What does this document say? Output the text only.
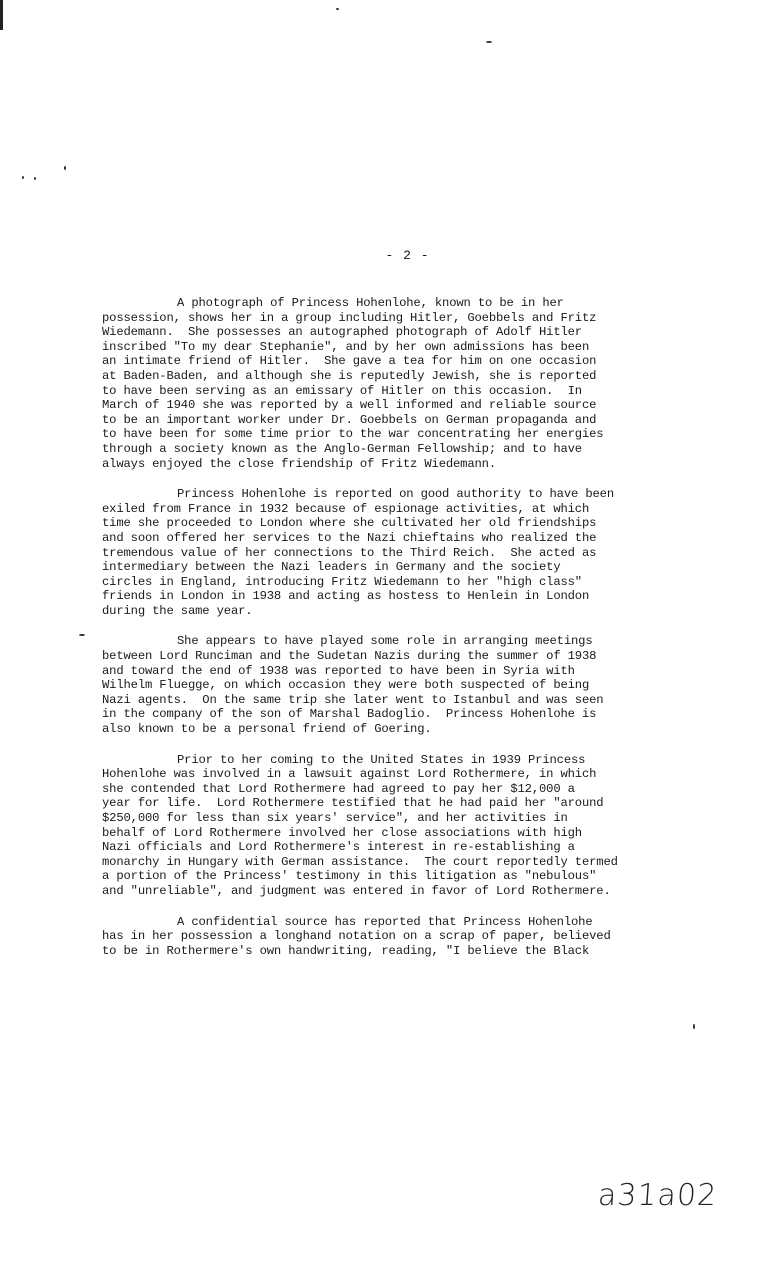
- 2 -

A photograph of Princess Hohenlohe, known to be in her
possession, shows her in a group including Hitler, Goebbels and Fritz
Wiedemann.  She possesses an autographed photograph of Adolf Hitler
inscribed "To my dear Stephanie", and by her own admissions has been
an intimate friend of Hitler.  She gave a tea for him on one occasion
at Baden-Baden, and although she is reputedly Jewish, she is reported
to have been serving as an emissary of Hitler on this occasion.  In
March of 1940 she was reported by a well informed and reliable source
to be an important worker under Dr. Goebbels on German propaganda and
to have been for some time prior to the war concentrating her energies
through a society known as the Anglo-German Fellowship; and to have
always enjoyed the close friendship of Fritz Wiedemann.

Princess Hohenlohe is reported on good authority to have been
exiled from France in 1932 because of espionage activities, at which
time she proceeded to London where she cultivated her old friendships
and soon offered her services to the Nazi chieftains who realized the
tremendous value of her connections to the Third Reich.  She acted as
intermediary between the Nazi leaders in Germany and the society
circles in England, introducing Fritz Wiedemann to her "high class"
friends in London in 1938 and acting as hostess to Henlein in London
during the same year.

She appears to have played some role in arranging meetings
between Lord Runciman and the Sudetan Nazis during the summer of 1938
and toward the end of 1938 was reported to have been in Syria with
Wilhelm Fluegge, on which occasion they were both suspected of being
Nazi agents.  On the same trip she later went to Istanbul and was seen
in the company of the son of Marshal Badoglio.  Princess Hohenlohe is
also known to be a personal friend of Goering.

Prior to her coming to the United States in 1939 Princess
Hohenlohe was involved in a lawsuit against Lord Rothermere, in which
she contended that Lord Rothermere had agreed to pay her $12,000 a
year for life.  Lord Rothermere testified that he had paid her "around
$250,000 for less than six years' service", and her activities in
behalf of Lord Rothermere involved her close associations with high
Nazi officials and Lord Rothermere's interest in re-establishing a
monarchy in Hungary with German assistance.  The court reportedly termed
a portion of the Princess' testimony in this litigation as "nebulous"
and "unreliable", and judgment was entered in favor of Lord Rothermere.

A confidential source has reported that Princess Hohenlohe
has in her possession a longhand notation on a scrap of paper, believed
to be in Rothermere's own handwriting, reading, "I believe the Black

a31a02
